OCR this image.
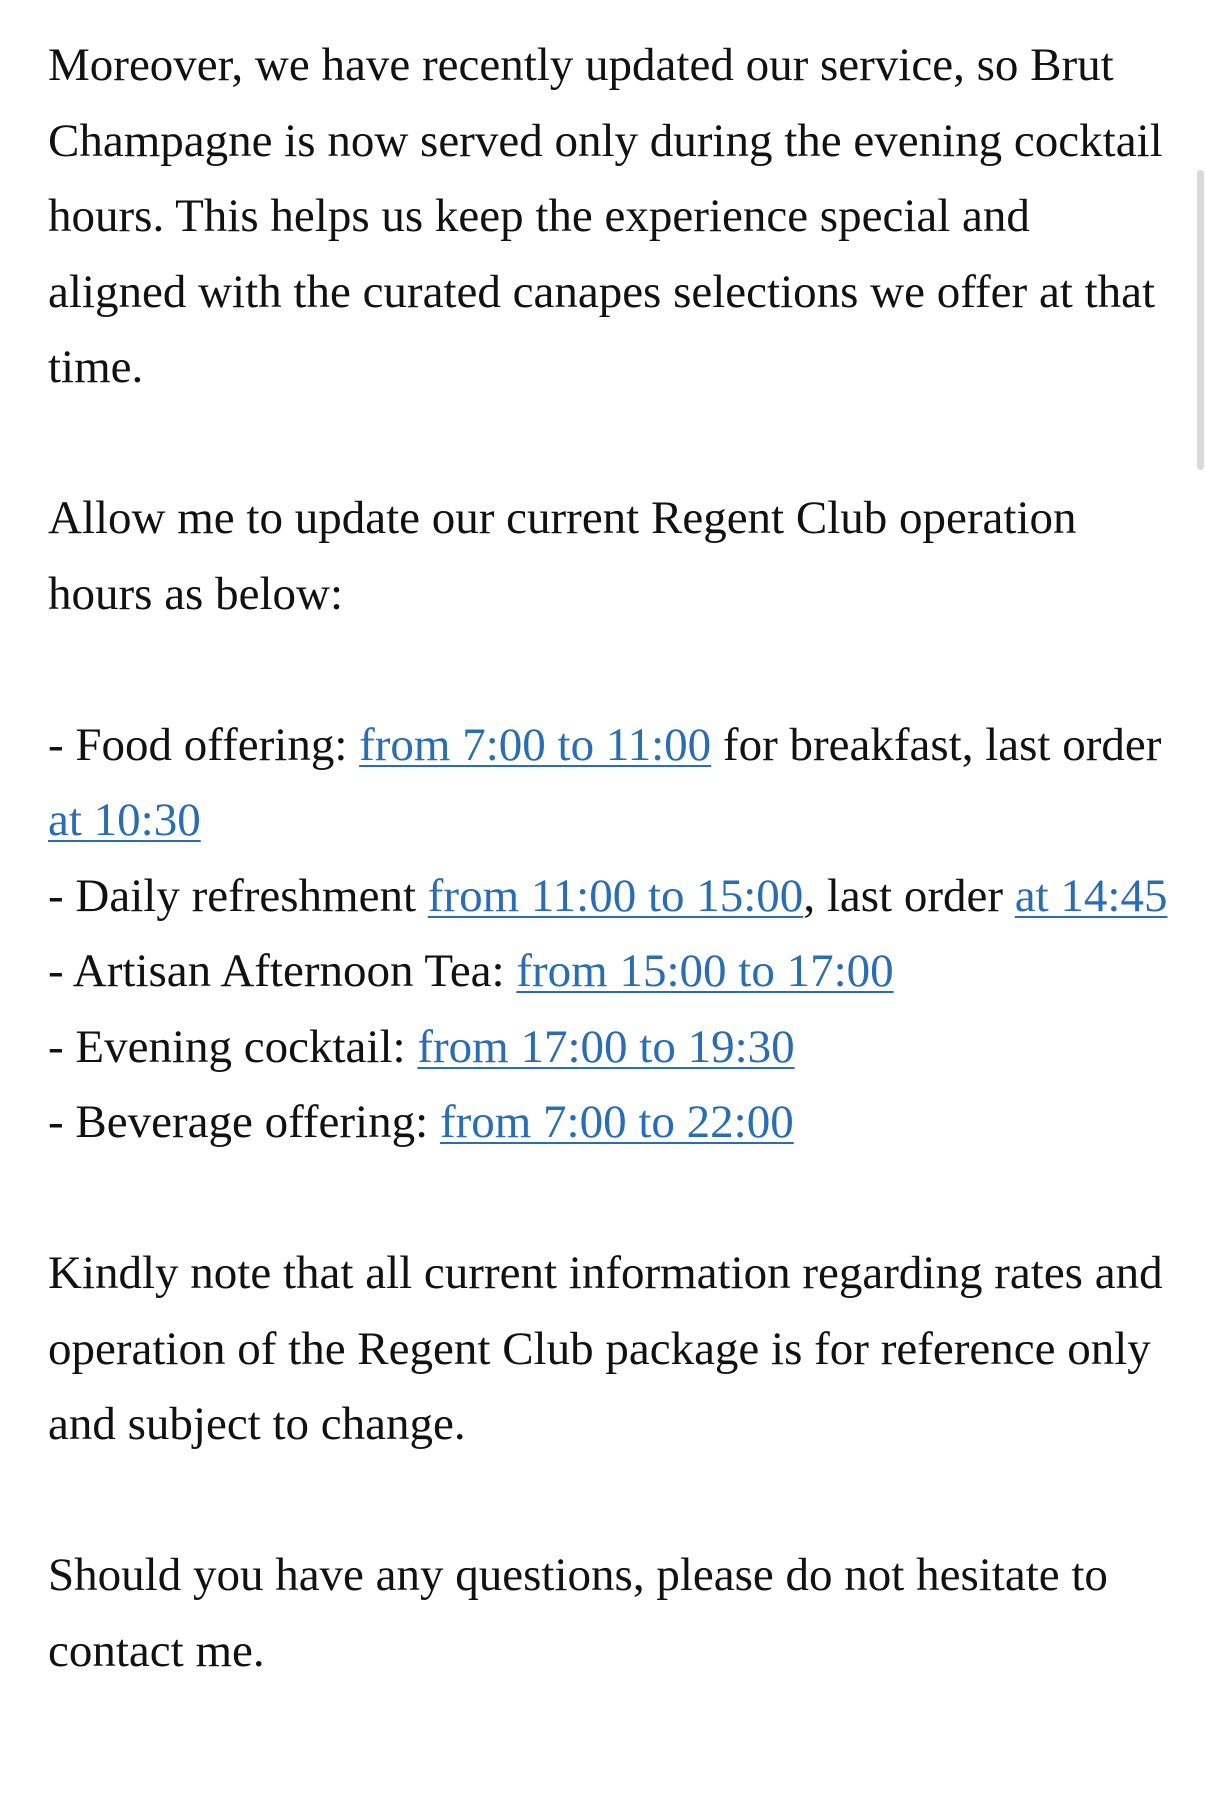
Moreover, we have recently updated our service, so Brut Champagne is now served only during the evening cocktail hours. This helps us keep the experience special and aligned with the curated canapes selections we offer at that time.

Allow me to update our current Regent Club operation hours as below:

- Food offering: from 7:00 to 11:00 for breakfast, last order at 10:30
- Daily refreshment from 11:00 to 15:00, last order at 14:45
- Artisan Afternoon Tea: from 15:00 to 17:00
- Evening cocktail: from 17:00 to 19:30
- Beverage offering: from 7:00 to 22:00

Kindly note that all current information regarding rates and operation of the Regent Club package is for reference only and subject to change.

Should you have any questions, please do not hesitate to contact me.
